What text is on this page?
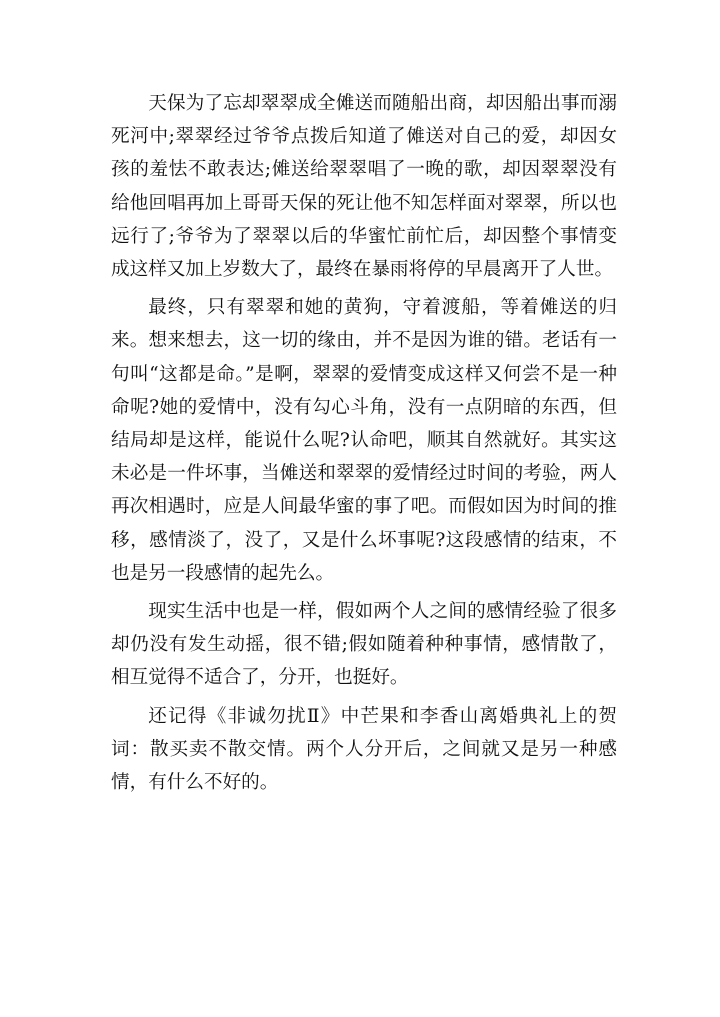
天保为了忘却翠翠成全傩送而随船出商，却因船出事而溺死河中;翠翠经过爷爷点拨后知道了傩送对自己的爱，却因女孩的羞怯不敢表达;傩送给翠翠唱了一晚的歌，却因翠翠没有给他回唱再加上哥哥天保的死让他不知怎样面对翠翠，所以也远行了;爷爷为了翠翠以后的华蜜忙前忙后，却因整个事情变成这样又加上岁数大了，最终在暴雨将停的早晨离开了人世。

最终，只有翠翠和她的黄狗，守着渡船，等着傩送的归来。想来想去，这一切的缘由，并不是因为谁的错。老话有一句叫“这都是命。”是啊，翠翠的爱情变成这样又何尝不是一种命呢?她的爱情中，没有勾心斗角，没有一点阴暗的东西，但结局却是这样，能说什么呢?认命吧，顺其自然就好。其实这未必是一件坏事，当傩送和翠翠的爱情经过时间的考验，两人再次相遇时，应是人间最华蜜的事了吧。而假如因为时间的推移，感情淡了，没了，又是什么坏事呢?这段感情的结束，不也是另一段感情的起先么。

现实生活中也是一样，假如两个人之间的感情经验了很多却仍没有发生动摇，很不错;假如随着种种事情，感情散了，相互觉得不适合了，分开，也挺好。

还记得《非诚勿扰Ⅱ》中芒果和李香山离婚典礼上的贺词：散买卖不散交情。两个人分开后，之间就又是另一种感情，有什么不好的。
